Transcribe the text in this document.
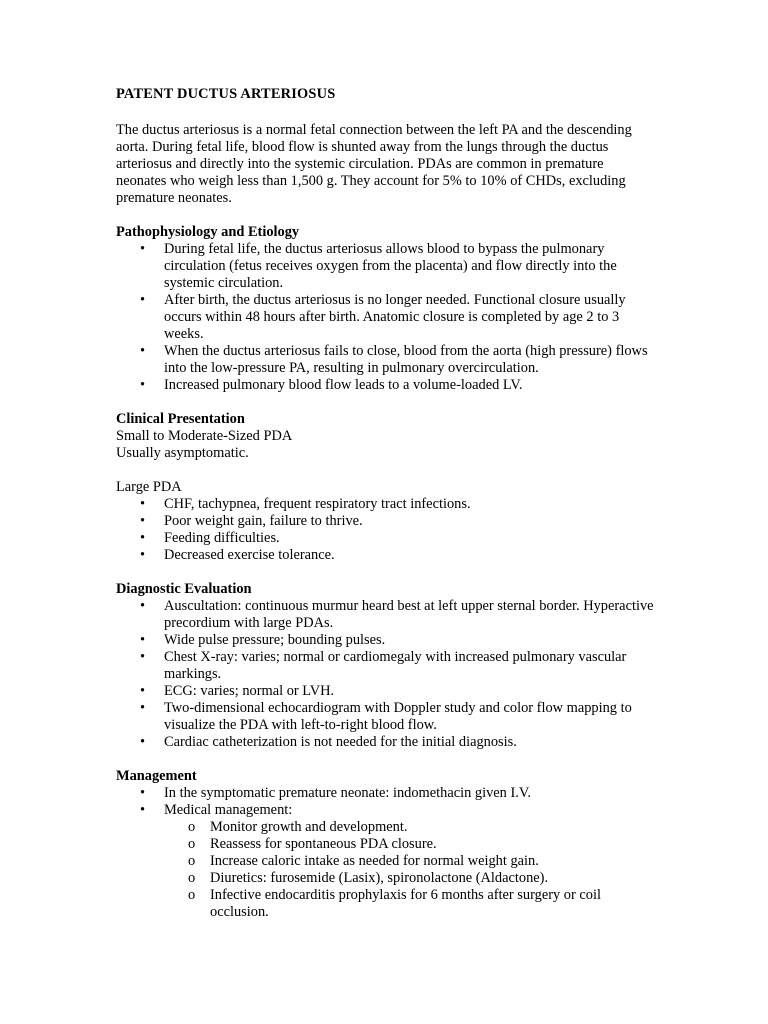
PATENT DUCTUS ARTERIOSUS

The ductus arteriosus is a normal fetal connection between the left PA and the descending aorta. During fetal life, blood flow is shunted away from the lungs through the ductus arteriosus and directly into the systemic circulation. PDAs are common in premature neonates who weigh less than 1,500 g. They account for 5% to 10% of CHDs, excluding premature neonates.

Pathophysiology and Etiology

• During fetal life, the ductus arteriosus allows blood to bypass the pulmonary circulation (fetus receives oxygen from the placenta) and flow directly into the systemic circulation.
• After birth, the ductus arteriosus is no longer needed. Functional closure usually occurs within 48 hours after birth. Anatomic closure is completed by age 2 to 3 weeks.
• When the ductus arteriosus fails to close, blood from the aorta (high pressure) flows into the low-pressure PA, resulting in pulmonary overcirculation.
• Increased pulmonary blood flow leads to a volume-loaded LV.

Clinical Presentation

Small to Moderate-Sized PDA

Usually asymptomatic.

Large PDA

• CHF, tachypnea, frequent respiratory tract infections.
• Poor weight gain, failure to thrive.
• Feeding difficulties.
• Decreased exercise tolerance.

Diagnostic Evaluation

• Auscultation: continuous murmur heard best at left upper sternal border. Hyperactive precordium with large PDAs.
• Wide pulse pressure; bounding pulses.
• Chest X-ray: varies; normal or cardiomegaly with increased pulmonary vascular markings.
• ECG: varies; normal or LVH.
• Two-dimensional echocardiogram with Doppler study and color flow mapping to visualize the PDA with left-to-right blood flow.
• Cardiac catheterization is not needed for the initial diagnosis.

Management

• In the symptomatic premature neonate: indomethacin given I.V.
• Medical management:
o Monitor growth and development.
o Reassess for spontaneous PDA closure.
o Increase caloric intake as needed for normal weight gain.
o Diuretics: furosemide (Lasix), spironolactone (Aldactone).
o Infective endocarditis prophylaxis for 6 months after surgery or coil occlusion.
